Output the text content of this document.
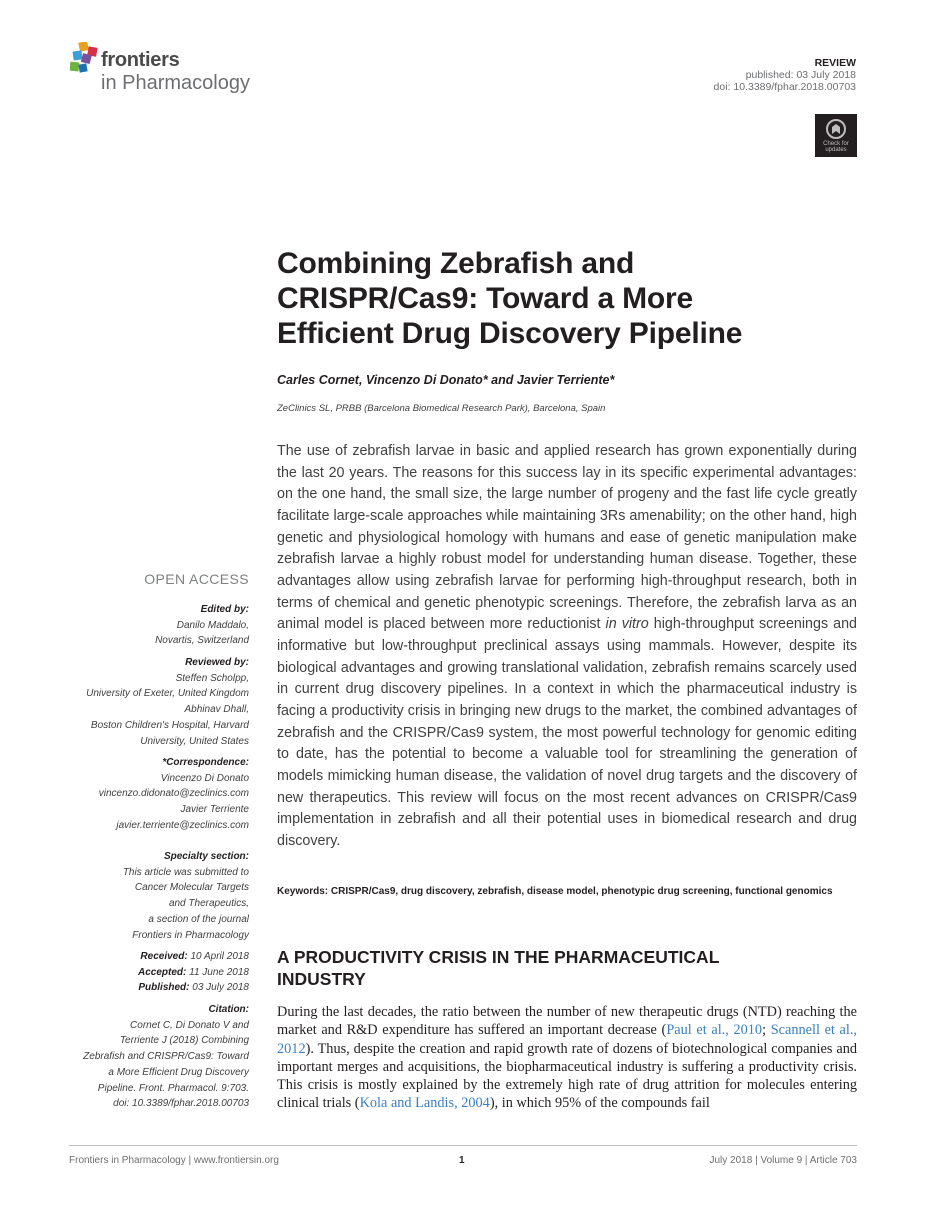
frontiers
in Pharmacology
REVIEW
published: 03 July 2018
doi: 10.3389/fphar.2018.00703
Check for updates
Combining Zebrafish and
CRISPR/Cas9: Toward a More
Efficient Drug Discovery Pipeline
Carles Cornet, Vincenzo Di Donato* and Javier Terriente*
ZeClinics SL, PRBB (Barcelona Biomedical Research Park), Barcelona, Spain
The use of zebrafish larvae in basic and applied research has grown exponentially during the last 20 years. The reasons for this success lay in its specific experimental advantages: on the one hand, the small size, the large number of progeny and the fast life cycle greatly facilitate large-scale approaches while maintaining 3Rs amenability; on the other hand, high genetic and physiological homology with humans and ease of genetic manipulation make zebrafish larvae a highly robust model for understanding human disease. Together, these advantages allow using zebrafish larvae for performing high-throughput research, both in terms of chemical and genetic phenotypic screenings. Therefore, the zebrafish larva as an animal model is placed between more reductionist in vitro high-throughput screenings and informative but low-throughput preclinical assays using mammals. However, despite its biological advantages and growing translational validation, zebrafish remains scarcely used in current drug discovery pipelines. In a context in which the pharmaceutical industry is facing a productivity crisis in bringing new drugs to the market, the combined advantages of zebrafish and the CRISPR/Cas9 system, the most powerful technology for genomic editing to date, has the potential to become a valuable tool for streamlining the generation of models mimicking human disease, the validation of novel drug targets and the discovery of new therapeutics. This review will focus on the most recent advances on CRISPR/Cas9 implementation in zebrafish and all their potential uses in biomedical research and drug discovery.
Keywords: CRISPR/Cas9, drug discovery, zebrafish, disease model, phenotypic drug screening, functional genomics
A PRODUCTIVITY CRISIS IN THE PHARMACEUTICAL
INDUSTRY
During the last decades, the ratio between the number of new therapeutic drugs (NTD) reaching the market and R&D expenditure has suffered an important decrease (Paul et al., 2010; Scannell et al., 2012). Thus, despite the creation and rapid growth rate of dozens of biotechnological companies and important merges and acquisitions, the biopharmaceutical industry is suffering a productivity crisis. This crisis is mostly explained by the extremely high rate of drug attrition for molecules entering clinical trials (Kola and Landis, 2004), in which 95% of the compounds fail
OPEN ACCESS
Edited by:
Danilo Maddalo,
Novartis, Switzerland
Reviewed by:
Steffen Scholpp,
University of Exeter, United Kingdom
Abhinav Dhall,
Boston Children's Hospital, Harvard
University, United States
*Correspondence:
Vincenzo Di Donato
vincenzo.didonato@zeclinics.com
Javier Terriente
javier.terriente@zeclinics.com
Specialty section:
This article was submitted to
Cancer Molecular Targets
and Therapeutics,
a section of the journal
Frontiers in Pharmacology
Received: 10 April 2018
Accepted: 11 June 2018
Published: 03 July 2018
Citation:
Cornet C, Di Donato V and
Terriente J (2018) Combining
Zebrafish and CRISPR/Cas9: Toward
a More Efficient Drug Discovery
Pipeline. Front. Pharmacol. 9:703.
doi: 10.3389/fphar.2018.00703
Frontiers in Pharmacology | www.frontiersin.org	1	July 2018 | Volume 9 | Article 703
